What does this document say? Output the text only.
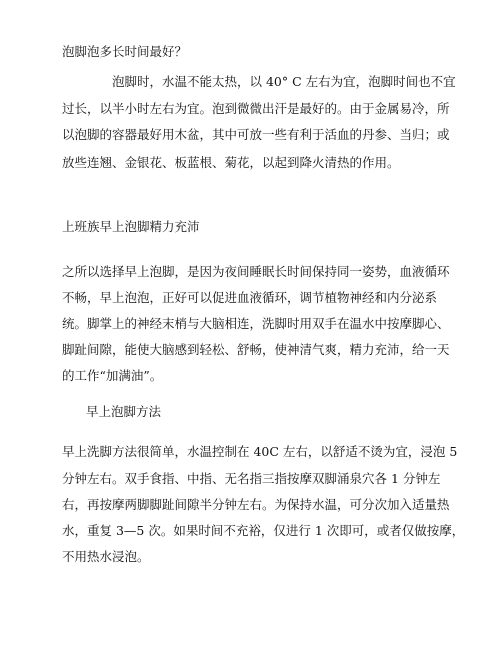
泡脚泡多长时间最好？

泡脚时，水温不能太热，以 40° C 左右为宜，泡脚时间也不宜

过长，以半小时左右为宜。泡到微微出汗是最好的。由于金属易冷，所

以泡脚的容器最好用木盆，其中可放一些有利于活血的丹参、当归；或

放些连翘、金银花、板蓝根、菊花，以起到降火清热的作用。

上班族早上泡脚精力充沛

之所以选择早上泡脚，是因为夜间睡眠长时间保持同一姿势，血液循环

不畅，早上泡泡，正好可以促进血液循环，调节植物神经和内分泌系

统。脚掌上的神经末梢与大脑相连，洗脚时用双手在温水中按摩脚心、

脚趾间隙，能使大脑感到轻松、舒畅，使神清气爽，精力充沛，给一天

的工作“加满油”。

早上泡脚方法

早上洗脚方法很简单，水温控制在 40C 左右，以舒适不烫为宜，浸泡 5

分钟左右。双手食指、中指、无名指三指按摩双脚涌泉穴各 1 分钟左

右，再按摩两脚脚趾间隙半分钟左右。为保持水温，可分次加入适量热

水，重复 3—5 次。如果时间不充裕，仅进行 1 次即可，或者仅做按摩，

不用热水浸泡。
